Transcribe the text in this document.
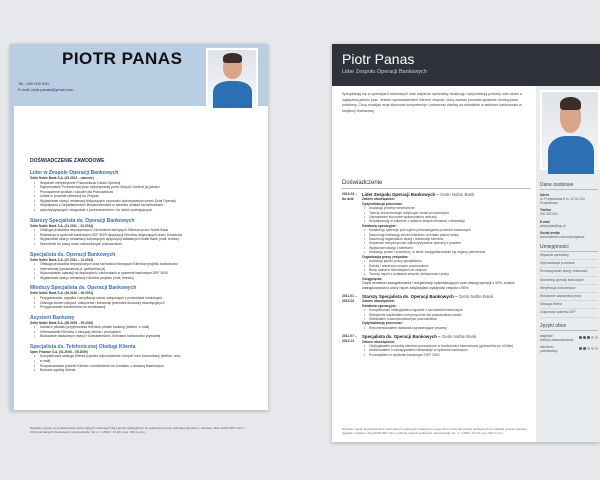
PIOTR PANAS
Tel.: 000 000 000
E-mail: piotr.panas@gmail.com
DOŚWIADCZENIE ZAWODOWE
Lider w Zespole Operacji Bankowych
Getin Noble Bank S.A. (03.2013 – obecnie)
• Wsparcie merytoryczne Pracowników Działu Operacji
• Raportowanie Przełożonym prac wykonywanej przez Zespół i kontroli jej jakości
• Prowadzenie spotkań i szkoleń dla Pracowników
• Udział w procesie rekrutacji do Zespołu
• Wyjaśnianie skarg i reklamacji dotyczących czynności wykonywanych przez Dział Operacji
• Współpraca z Departamentem Bezpieczeństwa w zakresie działań na rachunkach
• wykorzystywanych niezgodnie z przeznaczeniem i do celów przestępczych
Starszy Specjalista ds. Operacji Bankowych
Getin Noble Bank S.A. (01.2011 – 02.2013)
• Obsługa produktów depozytowych i rachunków bieżących Klientów przez Noble Bank
• Realizacja w systemie bankowym DEF 3000 dyspozycji Klientów dotyczących przez Doradców
• Wyjaśnianie skarg i reklamacji dotyczących dyspozycji składanych Noble Bank (mail, telefon)
• Wdrożenie do pracy nowo zatrudnionych pracowników
Specjalista ds. Operacji Bankowych
Getin Noble Bank S.A. (07.2011 – 12.2012)
• Obsługa produktów depozytowych oraz rachunków bieżących Klientów projektu bankowości
• internetowej (uprawnienie.pl, getinonline.pl)
• Wykonywanie operacji na depozytach i rachunkach w systemie bankowym DEF 3000
• Wyjaśnianie skarg i reklamacji Klientów projektu (mail, telefon)
Młodszy Specjalista ds. Operacji Bankowych
Getin Noble Bank S.A. (09.2010 – 06.2011)
• Przygotowanie, wysyłka i weryfikacja umów związanych z produktami bankowymi
• Obsługa zleceń nabycia, odkupienia i konwersji jednostek funduszy inwestycyjnych
• Przygotowanie dokumentów do archiwizacji
Asystent Bankowy
Getin Noble Bank S.A. (06.2009 – 05.2010)
• Udział w pilotażu przyjmowania Klientów private banking (telefon, e-mail)
• Informowanie Klientów o bieżącej ofercie i produktach
• Budowanie właściwych relacji z kontrahentami i Klientami bankowości prywatnej
Specjalista ds. Telefonicznej Obsługi Klienta
Open Finance S.A. (01.2008 – 05.2009)
• Kompleksowa obsługa Klienta poprzez wykorzystanie różnych form komunikacji (telefon, cms,
• e-mail)
• Rozpoznawanie potrzeb Klienta i umożliwienie mu kontaktu z doradcą finansowym
• Budowa ogólnej Klienta
Wyrażam zgodę na przetwarzanie moich danych osobowych dla potrzeb niezbędnych do realizacji procesu rekrutacji (zgodnie z Ustawą z dnia 29.08.1997 roku o Ochronie Danych Osobowych; tekst jednolity: Dz. U. z 2002 r. Nr 101, poz. 926 ze zm.)
Piotr Panas
Lider Zespołu Operacji Bankowych
Specjalizuję się w operacjach bankowych oraz wsparciu sprzedaży. Analizuję i optymalizuję procesy oraz dbam o najwyższą jakość prac. Jestem wprowadzeniem liderem zespołu, który zawsze pozwala sprawnie rozwiązywać problemy. Chcę rozwijać moje kluczowe kompetencje i poszerzać wiedzę na dziedzinie w sektorze bankowości w instytucji finansowej.
Dane osobowe
Adres
ul. Przykładowa 8 m. 10 01-234 Przykładowo
Telefon
000 000 000
E-mail
piotrpanas@wp.pl
Social media
www.linkedin.com/in/piotrpanas
Umiejętności
Wsparcie sprzedaży
Optymalizacja procesów
Rozwiązywanie skarg i reklamacji
Monitoring operacji bankowych
Weryfikacja dokumentów
Wdrażanie standardów pracy
Obsługa klienta
Znajomość systemu DEF
Języki obce
angielski
średnio-zaawansowany
niemiecki
podstawowy
Doświadczenie
2013.03 – do dziś
Lider Zespołu Operacji Bankowych – Getin Noble Bank
Zakres obowiązków:
Optymalizacja procesów:
• Analizuję procesy wewnętrzne
• Tworzę rekomendacje dotyczące zmian procesowych
• Usprawniam kluczowe wykonywania operacji
• Współpracuję w zakresie z działem bezpieczeństwa i reklamacji
Działania operacyjne:
• Monitoruję operacje pod kątem przestrzegania procedur bankowych
• Nadzoruję realizację zleceń klientów i oceniam jakość pracy
• Nadzoruję wyjaśnianie skarg i reklamacji klientów
• Wspieram merytorycznie wykorzystywanie operacji z prawem
• Wyjaśniam skargi z klientami
• Analizuję proste i procedury, w ślinie zasygnalizowanie się organy partnerskie
Organizacja pracy zespołów:
• Analizuję jakość pracy specjalistów
• Szkolę i wdrażam nowych pracowników
• Biorę udział w rekrutacjach do zespołu
• Tworzę raport z działania zespołu efektywności pracy
Osiągnięcia:
Dzięki modelowi zaangażowania i reorganizacji optymalizującym czas obsługi operacji o 30%, a także zaangażowania w wolny raport zwiększyłam wydajność zespołu o 50%.
2011.01 – 2013.02
Starszy Specjalista ds. Operacji Bankowych – Getin Noble Bank
Zakres obowiązków:
Działania operacyjne:
• Kompleksowo obsługiwałem zgodnie z rachunkiem bankowym
• Efektywnie wspierałem merytorycznie dla pracowników działu
• Wdrażałem nowozatrudnionych pracowników
Optymalizacja procesów:
• Rekomendowałem działania usprawniające procesy
2011.07 – 2012.12
Specjalista ds. Operacji Bankowych – Getin Noble Bank
Zakres obowiązków:
• Obsługiwałem produkty klientów prowadzone w bankowości internetowej (getinonline.pl, eGetin)
• Analizowałem i rozwiązywałem reklamacje w systemie bankowym
• Prowadziłem w systemie bankowym DEF 3000
Wyrażam zgodę na przetwarzanie moich danych osobowych zawartych w mojej ofercie pracy dla potrzeb niezbędnych do realizacji procesu rekrutacji (zgodnie z ustawą z dnia 29.08.1997 roku o ochronie danych osobowych, tekst jednolity: Dz. U. z 2002 r. Nr 101, poz. 926 ze zm.)
